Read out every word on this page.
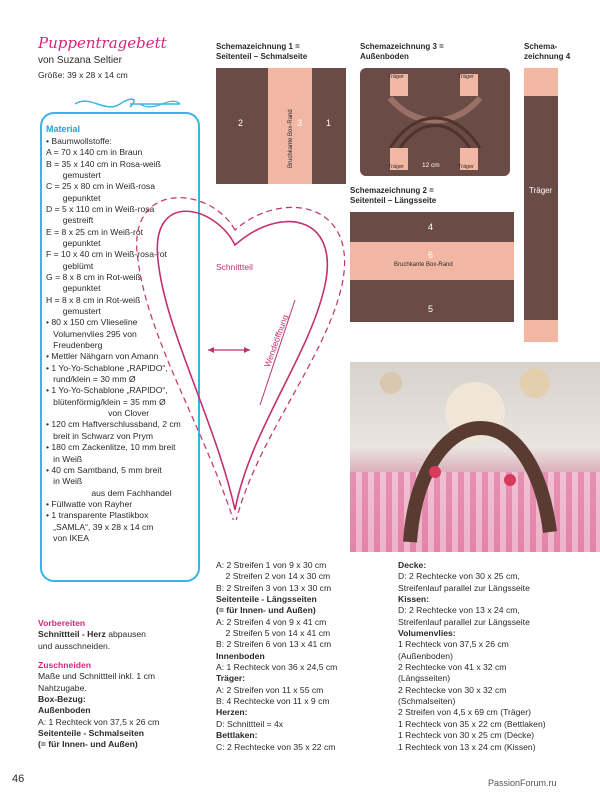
Puppentragebett
von Suzana Seltier
Größe: 39 x 28 x 14 cm
Material
• Baumwollstoffe:
A = 70 x 140 cm in Braun
B = 35 x 140 cm in Rosa-weiß
gemustert
C = 25 x 80 cm in Weiß-rosa
gepunktet
D = 5 x 110 cm in Weiß-rosa
gestreift
E = 8 x 25 cm in Weiß-rot
gepunktet
F = 10 x 40 cm in Weiß-rosa-rot
geblümt
G = 8 x 8 cm in Rot-weiß
gepunktet
H = 8 x 8 cm in Rot-weiß
gemustert
• 80 x 150 cm Vlieseline
Volumenvlies 295 von
Freudenberg
• Mettler Nähgarn von Amann
• 1 Yo-Yo-Schablone „RAPIDO“,
rund/klein = 30 mm Ø
• 1 Yo-Yo-Schablone „RAPIDO“,
blütenförmig/klein = 35 mm Ø
von Clover
• 120 cm Haftverschlussband, 2 cm
breit in Schwarz von Prym
• 180 cm Zackenlitze, 10 mm breit
in Weiß
• 40 cm Samtband, 5 mm breit
in Weiß
aus dem Fachhandel
• Füllwatte von Rayher
• 1 transparente Plastikbox
„SAMLA“, 39 x 28 x 14 cm
von IKEA
Schnittteil
Wendeöffnung
Schemazeichnung 1 =
Seitenteil – Schmalseite
2	3	1
Bruchkante Box-Rand
Schemazeichnung 3 =
Außenboden
Träger	Träger
Träger	Träger
12 cm
Schema-
zeichnung 4
Träger
Schemazeichnung 2 =
Seitenteil – Längsseite
4
6
5
Bruchkante Box-Rand
Vorbereiten
Schnittteil - Herz abpausen
und ausschneiden.
Zuschneiden
Maße und Schnittteil inkl. 1 cm
Nahtzugabe.
Box-Bezug:
Außenboden
A: 1 Rechteck von 37,5 x 26 cm
Seitenteile - Schmalseiten
(= für Innen- und Außen)

A: 2 Streifen 1 von 9 x 30 cm

2 Streifen 2 von 14 x 30 cm

B: 2 Streifen 3 von 13 x 30 cm

Seitenteile - Längsseiten

(= für Innen- und Außen)

A: 2 Streifen 4 von 9 x 41 cm

2 Streifen 5 von 14 x 41 cm

B: 2 Streifen 6 von 13 x 41 cm

Innenboden

A: 1 Rechteck von 36 x 24,5 cm

Träger:

A: 2 Streifen von 11 x 55 cm

B: 4 Rechtecke von 11 x 9 cm

Herzen:

D: Schnittteil = 4x

Bettlaken:

C: 2 Rechtecke von 35 x 22 cm

Decke:

D: 2 Rechtecke von 30 x 25 cm,

Streifenlauf parallel zur Längsseite

Kissen:

D: 2 Rechtecke von 13 x 24 cm,

Streifenlauf parallel zur Längsseite

Volumenvlies:

1 Rechteck von 37,5 x 26 cm

(Außenboden)

2 Rechtecke von 41 x 32 cm

(Längsseiten)

2 Rechtecke von 30 x 32 cm

(Schmalseiten)

2 Streifen von 4,5 x 69 cm (Träger)

1 Rechteck von 35 x 22 cm (Bettlaken)

1 Rechteck von 30 x 25 cm (Decke)

1 Rechteck von 13 x 24 cm (Kissen)

46	PassionForum.ru
